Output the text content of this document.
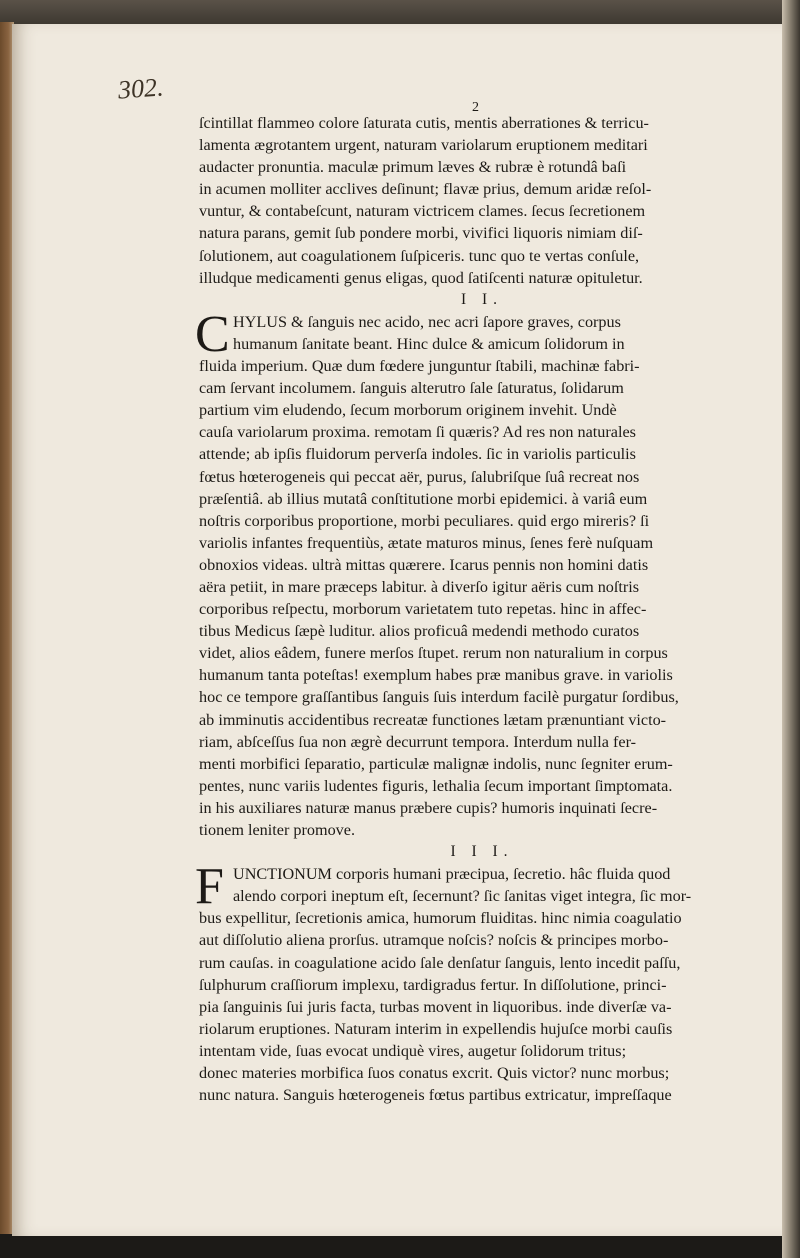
302.
2
ſcintillat flammeo colore ſaturata cutis, mentis aberrationes & terricu-
lamenta ægrotantem urgent, naturam variolarum eruptionem meditari
audacter pronuntia. maculæ primum læves & rubræ è rotundâ baſi
in acumen molliter acclives deſinunt; flavæ prius, demum aridæ reſol-
vuntur, & contabeſcunt, naturam victricem clames. ſecus ſecretionem
natura parans, gemit ſub pondere morbi, vivifici liquoris nimiam diſ-
ſolutionem, aut coagulationem ſuſpiceris. tunc quo te vertas conſule,
illudque medicamenti genus eligas, quod ſatiſcenti naturæ opituletur.
I I.
C HYLUS & ſanguis nec acido, nec acri ſapore graves, corpus
humanum ſanitate beant. Hinc dulce & amicum ſolidorum in
fluida imperium. Quæ dum fœdere junguntur ſtabili, machinæ fabri-
cam ſervant incolumem. ſanguis alterutro ſale ſaturatus, ſolidarum
partium vim eludendo, ſecum morborum originem invehit. Undè
cauſa variolarum proxima. remotam ſi quæris? Ad res non naturales
attende; ab ipſis fluidorum perverſa indoles. ſic in variolis particulis
fœtus hœterogeneis qui peccat aër, purus, ſalubriſque ſuâ recreat nos
præſentiâ. ab illius mutatâ conſtitutione morbi epidemici. à variâ eum
noſtris corporibus proportione, morbi peculiares. quid ergo mireris? ſi
variolis infantes frequentiùs, ætate maturos minus, ſenes ferè nuſquam
obnoxios videas. ultrà mittas quærere. Icarus pennis non homini datis
aëra petiit, in mare præceps labitur. à diverſo igitur aëris cum noſtris
corporibus reſpectu, morborum varietatem tuto repetas. hinc in affec-
tibus Medicus ſæpè luditur. alios proficuâ medendi methodo curatos
videt, alios eâdem, funere merſos ſtupet. rerum non naturalium in corpus
humanum tanta poteſtas! exemplum habes præ manibus grave. in variolis
hoc ce tempore graſſantibus ſanguis ſuis interdum facilè purgatur ſordibus,
ab imminutis accidentibus recreatæ functiones lætam prænuntiant victo-
riam, abſceſſus ſua non ægrè decurrunt tempora. Interdum nulla fer-
menti morbifici ſeparatio, particulæ malignæ indolis, nunc ſegniter erum-
pentes, nunc variis ludentes figuris, lethalia ſecum important ſimptomata.
in his auxiliares naturæ manus præbere cupis? humoris inquinati ſecre-
tionem leniter promove.
I I I.
F UNCTIONUM corporis humani præcipua, ſecretio. hâc fluida quod
alendo corpori ineptum eſt, ſecernunt? ſic ſanitas viget integra, ſic mor-
bus expellitur, ſecretionis amica, humorum fluiditas. hinc nimia coagulatio
aut diſſolutio aliena prorſus. utramque noſcis? noſcis & principes morbo-
rum cauſas. in coagulatione acido ſale denſatur ſanguis, lento incedit paſſu,
ſulphurum craſſiorum implexu, tardigradus fertur. In diſſolutione, princi-
pia ſanguinis ſui juris facta, turbas movent in liquoribus. inde diverſæ va-
riolarum eruptiones. Naturam interim in expellendis hujuſce morbi cauſis
intentam vide, ſuas evocat undiquè vires, augetur ſolidorum tritus;
donec materies morbifica ſuos conatus excrit. Quis victor? nunc morbus;
nunc natura. Sanguis hœterogeneis fœtus partibus extricatur, impreſſaque
